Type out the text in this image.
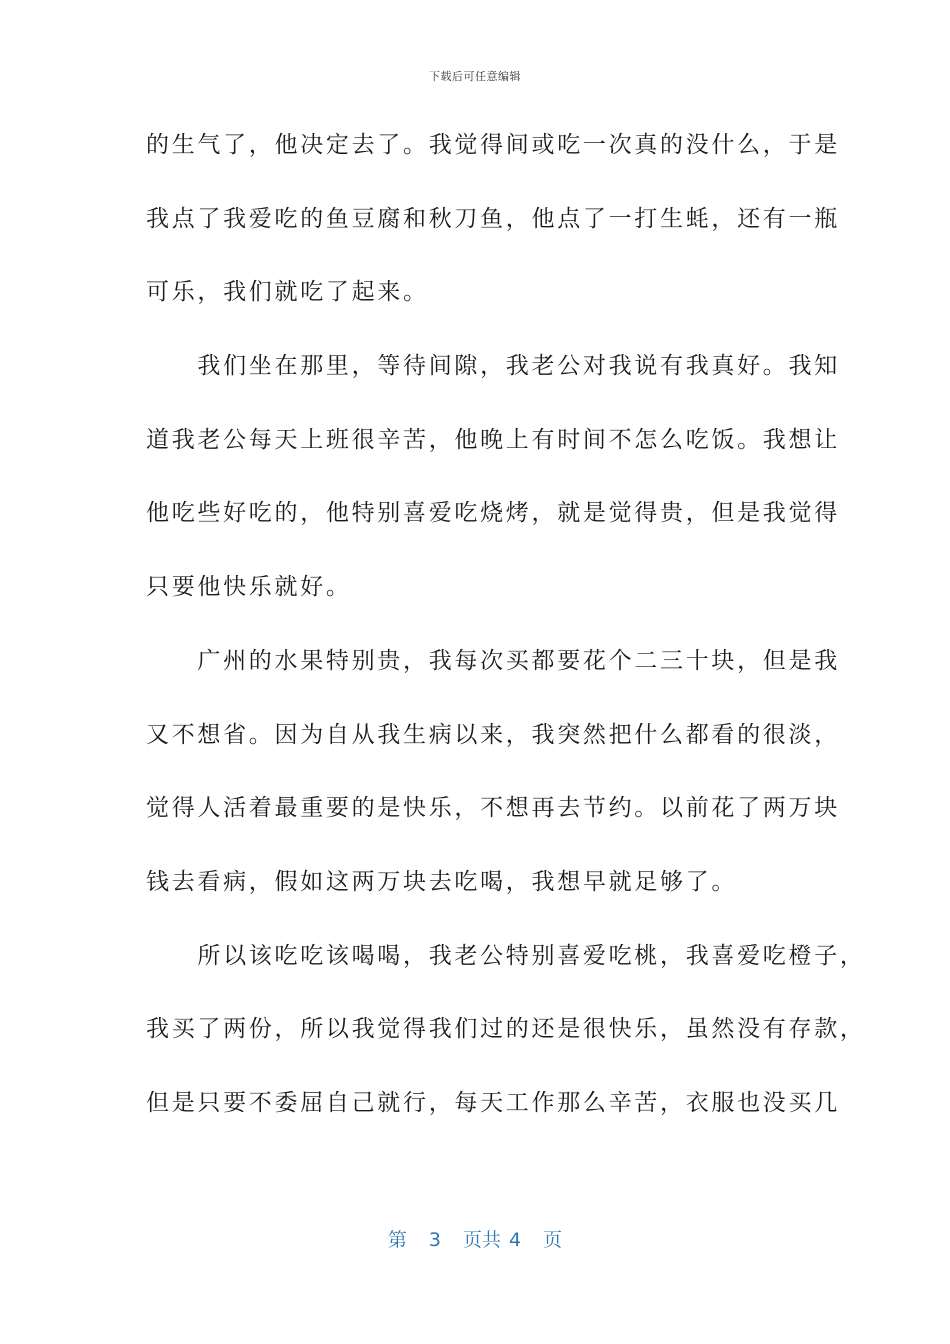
下载后可任意编辑
的生气了，他决定去了。我觉得间或吃一次真的没什么，于是
我点了我爱吃的鱼豆腐和秋刀鱼，他点了一打生蚝，还有一瓶
可乐，我们就吃了起来。
　　我们坐在那里，等待间隙，我老公对我说有我真好。我知
道我老公每天上班很辛苦，他晚上有时间不怎么吃饭。我想让
他吃些好吃的，他特别喜爱吃烧烤，就是觉得贵，但是我觉得
只要他快乐就好。
　　广州的水果特别贵，我每次买都要花个二三十块，但是我
又不想省。因为自从我生病以来，我突然把什么都看的很淡，
觉得人活着最重要的是快乐，不想再去节约。以前花了两万块
钱去看病，假如这两万块去吃喝，我想早就足够了。
　　所以该吃吃该喝喝，我老公特别喜爱吃桃，我喜爱吃橙子，
我买了两份，所以我觉得我们过的还是很快乐，虽然没有存款，
但是只要不委屈自己就行，每天工作那么辛苦，衣服也没买几
第 3 页共 4 页
